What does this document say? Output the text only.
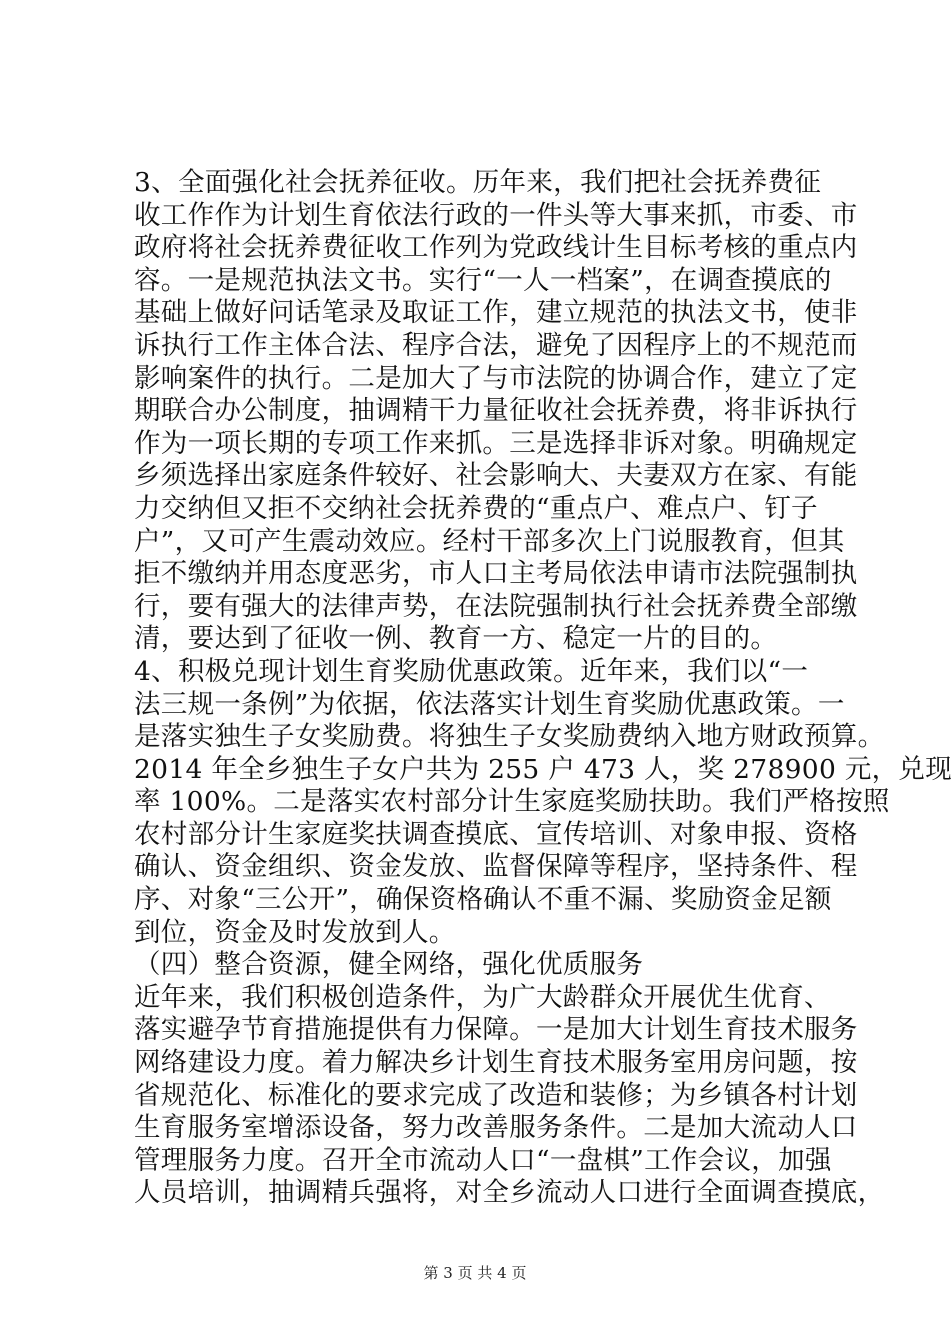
3、全面强化社会抚养征收。历年来，我们把社会抚养费征
收工作作为计划生育依法行政的一件头等大事来抓，市委、市
政府将社会抚养费征收工作列为党政线计生目标考核的重点内
容。一是规范执法文书。实行“一人一档案”，在调查摸底的
基础上做好问话笔录及取证工作，建立规范的执法文书，使非
诉执行工作主体合法、程序合法，避免了因程序上的不规范而
影响案件的执行。二是加大了与市法院的协调合作，建立了定
期联合办公制度，抽调精干力量征收社会抚养费，将非诉执行
作为一项长期的专项工作来抓。三是选择非诉对象。明确规定
乡须选择出家庭条件较好、社会影响大、夫妻双方在家、有能
力交纳但又拒不交纳社会抚养费的“重点户、难点户、钉子
户”，又可产生震动效应。经村干部多次上门说服教育，但其
拒不缴纳并用态度恶劣，市人口主考局依法申请市法院强制执
行，要有强大的法律声势，在法院强制执行社会抚养费全部缴
清，要达到了征收一例、教育一方、稳定一片的目的。
4、积极兑现计划生育奖励优惠政策。近年来，我们以“一
法三规一条例”为依据，依法落实计划生育奖励优惠政策。一
是落实独生子女奖励费。将独生子女奖励费纳入地方财政预算。
2014 年全乡独生子女户共为 255 户 473 人，奖 278900 元，兑现
率 100%。二是落实农村部分计生家庭奖励扶助。我们严格按照
农村部分计生家庭奖扶调查摸底、宣传培训、对象申报、资格
确认、资金组织、资金发放、监督保障等程序，坚持条件、程
序、对象“三公开”，确保资格确认不重不漏、奖励资金足额
到位，资金及时发放到人。
（四）整合资源，健全网络，强化优质服务
近年来，我们积极创造条件，为广大龄群众开展优生优育、
落实避孕节育措施提供有力保障。一是加大计划生育技术服务
网络建设力度。着力解决乡计划生育技术服务室用房问题，按
省规范化、标准化的要求完成了改造和装修；为乡镇各村计划
生育服务室增添设备，努力改善服务条件。二是加大流动人口
管理服务力度。召开全市流动人口“一盘棋”工作会议，加强
人员培训，抽调精兵强将，对全乡流动人口进行全面调查摸底，
第 3 页 共 4 页
